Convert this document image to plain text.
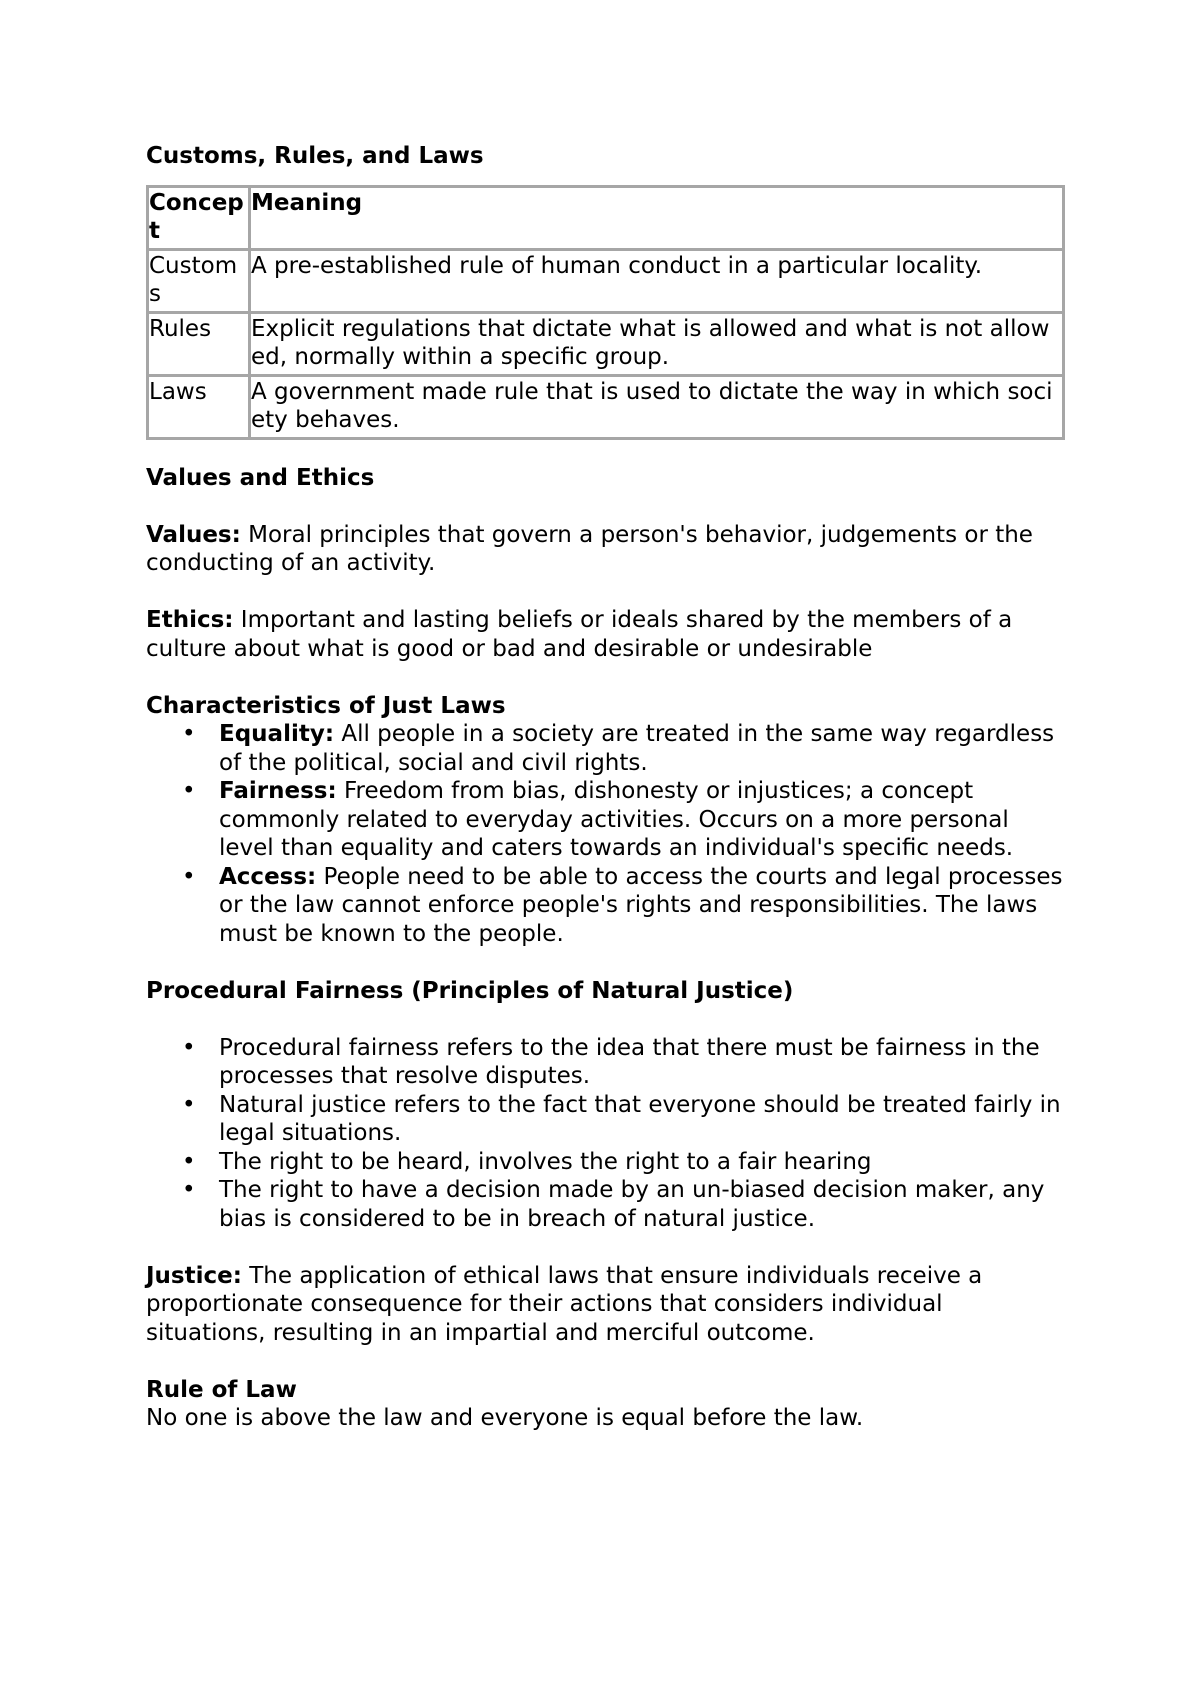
Customs, Rules, and Laws

Concept	Meaning
Customs	A pre-established rule of human conduct in a particular locality.
Rules	Explicit regulations that dictate what is allowed and what is not allowed, normally within a specific group.
Laws	A government made rule that is used to dictate the way in which society behaves.

Values and Ethics

Values: Moral principles that govern a person's behavior, judgements or the conducting of an activity.

Ethics: Important and lasting beliefs or ideals shared by the members of a culture about what is good or bad and desirable or undesirable

Characteristics of Just Laws

• Equality: All people in a society are treated in the same way regardless of the political, social and civil rights.
• Fairness: Freedom from bias, dishonesty or injustices; a concept commonly related to everyday activities. Occurs on a more personal level than equality and caters towards an individual's specific needs.
• Access: People need to be able to access the courts and legal processes or the law cannot enforce people's rights and responsibilities. The laws must be known to the people.

Procedural Fairness (Principles of Natural Justice)

• Procedural fairness refers to the idea that there must be fairness in the processes that resolve disputes.
• Natural justice refers to the fact that everyone should be treated fairly in legal situations.
• The right to be heard, involves the right to a fair hearing
• The right to have a decision made by an un-biased decision maker, any bias is considered to be in breach of natural justice.

Justice: The application of ethical laws that ensure individuals receive a proportionate consequence for their actions that considers individual situations, resulting in an impartial and merciful outcome.

Rule of Law

No one is above the law and everyone is equal before the law.
